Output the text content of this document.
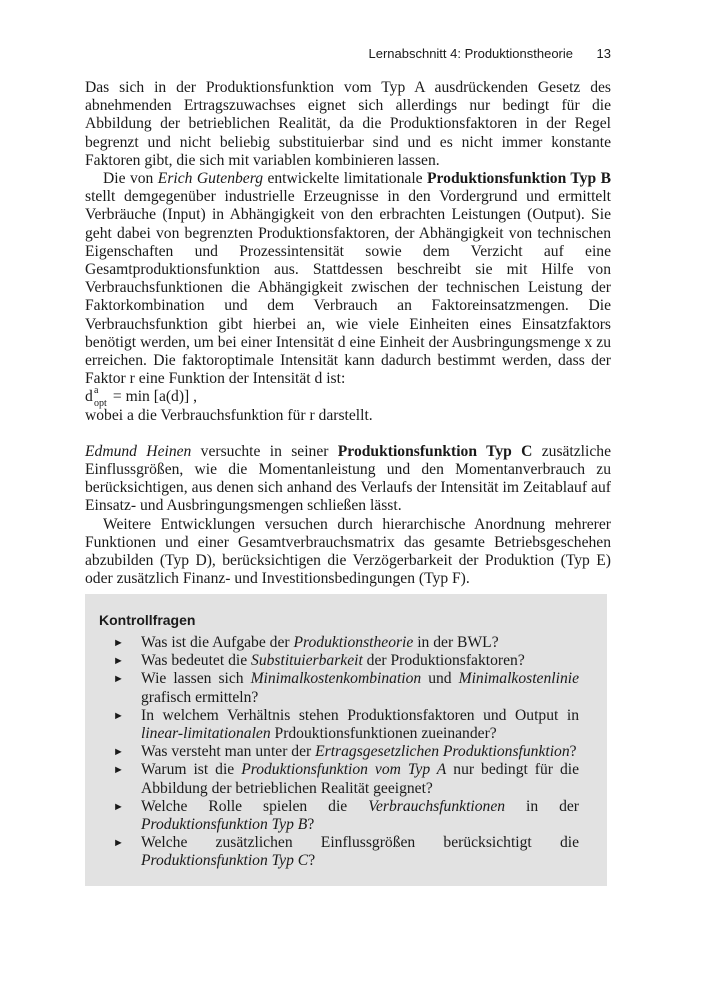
Lernabschnitt 4: Produktionstheorie 13

Das sich in der Produktionsfunktion vom Typ A ausdrückenden Gesetz des abnehmenden Ertragszuwachses eignet sich allerdings nur bedingt für die Abbildung der betrieblichen Realität, da die Produktionsfaktoren in der Regel begrenzt und nicht beliebig substituierbar sind und es nicht immer konstante Faktoren gibt, die sich mit variablen kombinieren lassen.

Die von Erich Gutenberg entwickelte limitationale Produktionsfunktion Typ B stellt demgegenüber industrielle Erzeugnisse in den Vordergrund und ermittelt Verbräuche (Input) in Abhängigkeit von den erbrachten Leistungen (Output). Sie geht dabei von begrenzten Produktionsfaktoren, der Abhängigkeit von technischen Eigenschaften und Prozessintensität sowie dem Verzicht auf eine Gesamtproduktionsfunktion aus. Stattdessen beschreibt sie mit Hilfe von Verbrauchsfunktionen die Abhängigkeit zwischen der technischen Leistung der Faktorkombination und dem Verbrauch an Faktoreinsatzmengen. Die Verbrauchsfunktion gibt hierbei an, wie viele Einheiten eines Einsatzfaktors benötigt werden, um bei einer Intensität d eine Einheit der Ausbringungsmenge x zu erreichen. Die faktoroptimale Intensität kann dadurch bestimmt werden, dass der Faktor r eine Funktion der Intensität d ist:

d a
opt = min [a(d)] ,

wobei a die Verbrauchsfunktion für r darstellt.

Edmund Heinen versuchte in seiner Produktionsfunktion Typ C zusätzliche Einflussgrößen, wie die Momentanleistung und den Momentanverbrauch zu berücksichtigen, aus denen sich anhand des Verlaufs der Intensität im Zeitablauf auf Einsatz- und Ausbringungsmengen schließen lässt.

Weitere Entwicklungen versuchen durch hierarchische Anordnung mehrerer Funktionen und einer Gesamtverbrauchsmatrix das gesamte Betriebsgeschehen abzubilden (Typ D), berücksichtigen die Verzögerbarkeit der Produktion (Typ E) oder zusätzlich Finanz- und Investitionsbedingungen (Typ F).

Kontrollfragen
► Was ist die Aufgabe der Produktionstheorie in der BWL?
► Was bedeutet die Substituierbarkeit der Produktionsfaktoren?
► Wie lassen sich Minimalkostenkombination und Minimalkostenlinie grafisch ermitteln?
► In welchem Verhältnis stehen Produktionsfaktoren und Output in linear-limitationalen Prdouktionsfunktionen zueinander?
► Was versteht man unter der Ertragsgesetzlichen Produktionsfunktion?
► Warum ist die Produktionsfunktion vom Typ A nur bedingt für die Abbildung der betrieblichen Realität geeignet?
► Welche Rolle spielen die Verbrauchsfunktionen in der Produktionsfunktion Typ B?
► Welche zusätzlichen Einflussgrößen berücksichtigt die Produktionsfunktion Typ C?
